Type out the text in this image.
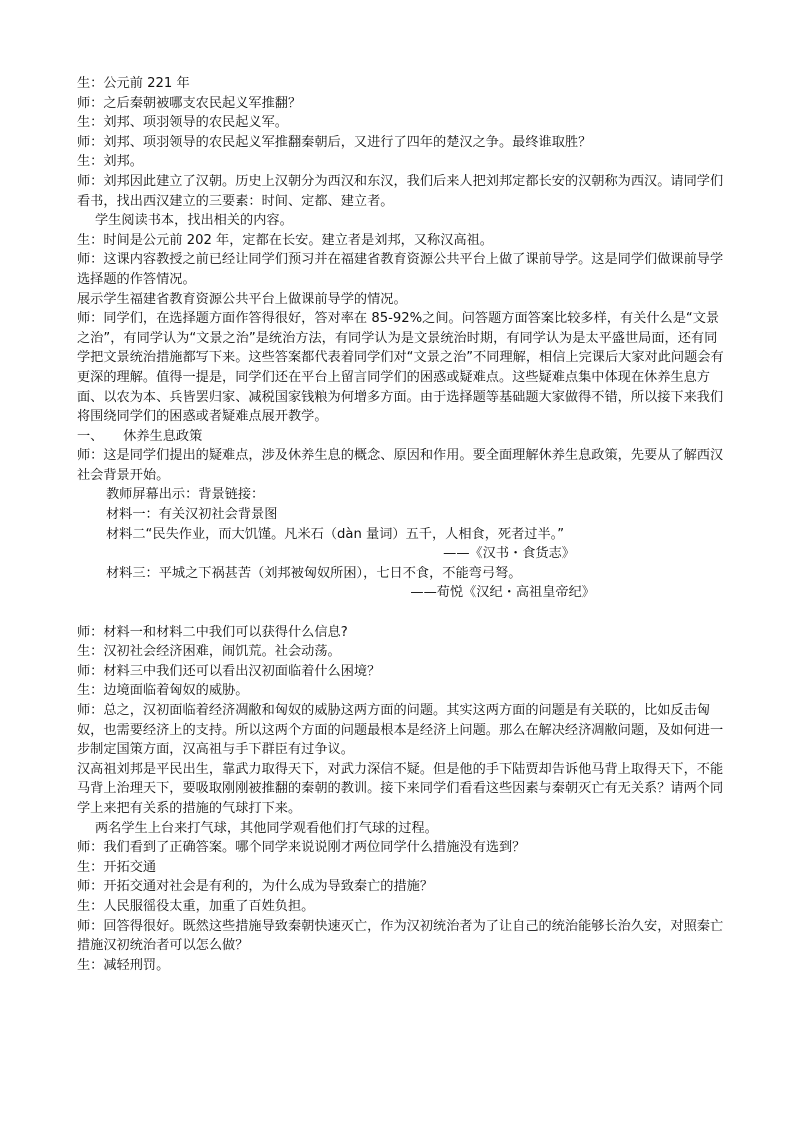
生：公元前 221 年

师：之后秦朝被哪支农民起义军推翻？

生：刘邦、项羽领导的农民起义军。

师：刘邦、项羽领导的农民起义军推翻秦朝后，又进行了四年的楚汉之争。最终谁取胜？

生：刘邦。

师：刘邦因此建立了汉朝。历史上汉朝分为西汉和东汉，我们后来人把刘邦定都长安的汉朝称为西汉。请同学们看书，找出西汉建立的三要素：时间、定都、建立者。

学生阅读书本，找出相关的内容。

生：时间是公元前 202 年，定都在长安。建立者是刘邦，又称汉高祖。

师：这课内容教授之前已经让同学们预习并在福建省教育资源公共平台上做了课前导学。这是同学们做课前导学选择题的作答情况。

展示学生福建省教育资源公共平台上做课前导学的情况。

师：同学们，在选择题方面作答得很好，答对率在 85-92%之间。问答题方面答案比较多样，有关什么是“文景之治”，有同学认为“文景之治”是统治方法，有同学认为是文景统治时期，有同学认为是太平盛世局面，还有同学把文景统治措施都写下来。这些答案都代表着同学们对“文景之治”不同理解，相信上完课后大家对此问题会有更深的理解。值得一提是，同学们还在平台上留言同学们的困惑或疑难点。这些疑难点集中体现在休养生息方面、以农为本、兵皆罢归家、减税国家钱粮为何增多方面。由于选择题等基础题大家做得不错，所以接下来我们将围绕同学们的困惑或者疑难点展开教学。

一、　　休养生息政策

师：这是同学们提出的疑难点，涉及休养生息的概念、原因和作用。要全面理解休养生息政策，先要从了解西汉社会背景开始。

教师屏幕出示：背景链接：

材料一：有关汉初社会背景图

材料二“民失作业，而大饥馑。凡米石（dàn 量词）五千，人相食，死者过半。”

——《汉书・食货志》

材料三：平城之下祸甚苦（刘邦被匈奴所困），七日不食，不能弯弓弩。

——荀悦《汉纪・高祖皇帝纪》

师：材料一和材料二中我们可以获得什么信息?

生：汉初社会经济困难，闹饥荒。社会动荡。

师：材料三中我们还可以看出汉初面临着什么困境？

生：边境面临着匈奴的威胁。

师：总之，汉初面临着经济凋敝和匈奴的威胁这两方面的问题。其实这两方面的问题是有关联的，比如反击匈奴，也需要经济上的支持。所以这两个方面的问题最根本是经济上问题。那么在解决经济凋敝问题，及如何进一步制定国策方面，汉高祖与手下群臣有过争议。

汉高祖刘邦是平民出生，靠武力取得天下，对武力深信不疑。但是他的手下陆贾却告诉他马背上取得天下，不能马背上治理天下，要吸取刚刚被推翻的秦朝的教训。接下来同学们看看这些因素与秦朝灭亡有无关系？请两个同学上来把有关系的措施的气球打下来。

两名学生上台来打气球，其他同学观看他们打气球的过程。

师：我们看到了正确答案。哪个同学来说说刚才两位同学什么措施没有选到？

生：开拓交通

师：开拓交通对社会是有利的，为什么成为导致秦亡的措施？

生：人民服徭役太重，加重了百姓负担。

师：回答得很好。既然这些措施导致秦朝快速灭亡，作为汉初统治者为了让自己的统治能够长治久安，对照秦亡措施汉初统治者可以怎么做？

生：减轻刑罚。
